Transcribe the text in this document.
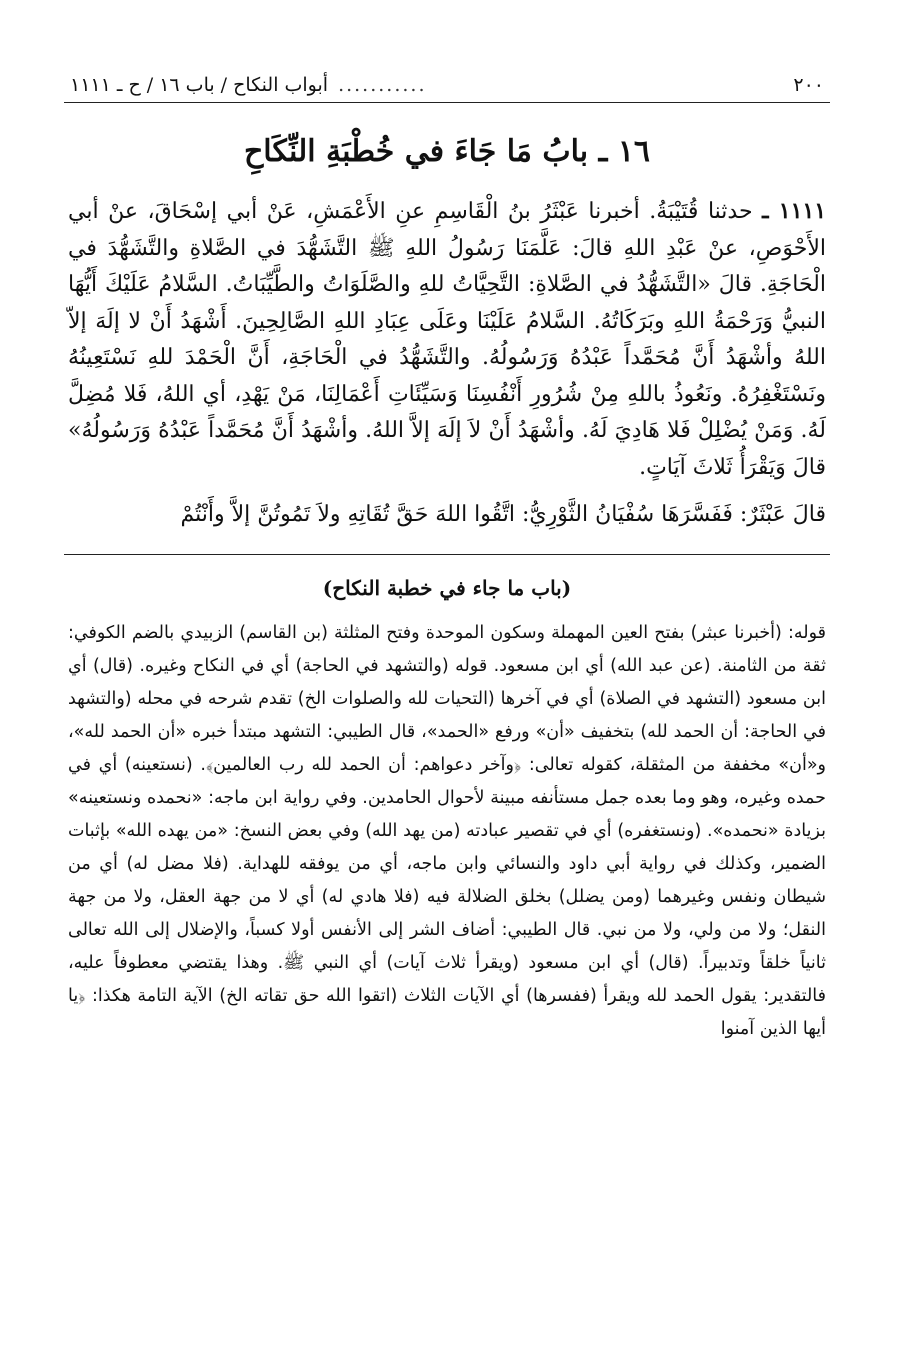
٢٠٠
...........
أبواب النكاح / باب ١٦ / ح ـ ١١١١
١٦ ـ بابُ مَا جَاءَ في خُطْبَةِ النِّكَاحِ

١١١١ ـ حدثنا قُتَيْبَةُ. أخبرنا عَبْثَرُ بنُ الْقَاسِمِ عنِ الأَعْمَشِ، عَنْ أبي إسْحَاقَ، عنْ أبي الأَحْوَصِ، عنْ عَبْدِ اللهِ قالَ: عَلَّمَنَا رَسُولُ اللهِ ﷺ التَّشَهُّدَ في الصَّلاةِ والتَّشَهُّدَ في الْحَاجَةِ. قالَ «التَّشَهُّدُ في الصَّلاةِ: التَّحِيَّاتُ للهِ والصَّلَوَاتُ والطَّيِّبَاتُ. السَّلامُ عَلَيْكَ أَيُّهَا النبيُّ وَرَحْمَةُ اللهِ وبَرَكَاتُهُ. السَّلامُ عَلَيْنَا وعَلَى عِبَادِ اللهِ الصَّالِحِينَ. أَشْهَدُ أَنْ لا إلَهَ إلاّ اللهُ وأشْهَدُ أَنَّ مُحَمَّداً عَبْدُهُ وَرَسُولُهُ. والتَّشَهُّدُ في الْحَاجَةِ، أَنَّ الْحَمْدَ للهِ نَسْتَعِينُهُ ونَسْتَغْفِرُهُ. ونَعُوذُ باللهِ مِنْ شُرُورِ أَنْفُسِنَا وَسَيِّئَاتِ أَعْمَالِنَا، مَنْ يَهْدِ، أي اللهُ، فَلا مُضِلَّ لَهُ. وَمَنْ يُضْلِلْ فَلا هَادِيَ لَهُ. وأشْهَدُ أَنْ لاَ إلَهَ إلاَّ اللهُ. وأشْهَدُ أَنَّ مُحَمَّداً عَبْدُهُ وَرَسُولُهُ» قالَ وَيَقْرَأُ ثَلاثَ آيَاتٍ.

قالَ عَبْثَرٌ: فَفَسَّرَهَا سُفْيَانُ الثَّوْرِيُّ: اتَّقُوا اللهَ حَقَّ تُقَاتِهِ ولاَ تَمُوتُنَّ إلاَّ وأَنْتُمْ
(باب ما جاء في خطبة النكاح)

قوله: (أخبرنا عبثر) بفتح العين المهملة وسكون الموحدة وفتح المثلثة (بن القاسم) الزبيدي بالضم الكوفي: ثقة من الثامنة. (عن عبد الله) أي ابن مسعود. قوله (والتشهد في الحاجة) أي في النكاح وغيره. (قال) أي ابن مسعود (التشهد في الصلاة) أي في آخرها (التحيات لله والصلوات الخ) تقدم شرحه في محله (والتشهد في الحاجة: أن الحمد لله) بتخفيف «أن» ورفع «الحمد»، قال الطيبي: التشهد مبتدأ خبره «أن الحمد لله»، و«أن» مخففة من المثقلة، كقوله تعالى: ﴿وآخر دعواهم: أن الحمد لله رب العالمين﴾. (نستعينه) أي في حمده وغيره، وهو وما بعده جمل مستأنفه مبينة لأحوال الحامدين. وفي رواية ابن ماجه: «نحمده ونستعينه» بزيادة «نحمده». (ونستغفره) أي في تقصير عبادته (من يهد الله) وفي بعض النسخ: «من يهده الله» بإثبات الضمير، وكذلك في رواية أبي داود والنسائي وابن ماجه، أي من يوفقه للهداية. (فلا مضل له) أي من شيطان ونفس وغيرهما (ومن يضلل) بخلق الضلالة فيه (فلا هادي له) أي لا من جهة العقل، ولا من جهة النقل؛ ولا من ولي، ولا من نبي. قال الطيبي: أضاف الشر إلى الأنفس أولا كسباً، والإضلال إلى الله تعالى ثانياً خلقاً وتدبيراً. (قال) أي ابن مسعود (ويقرأ ثلاث آيات) أي النبي ﷺ. وهذا يقتضي معطوفاً عليه، فالتقدير: يقول الحمد لله ويقرأ (ففسرها) أي الآيات الثلاث (اتقوا الله حق تقاته الخ) الآية التامة هكذا: ﴿يا أيها الذين آمنوا
